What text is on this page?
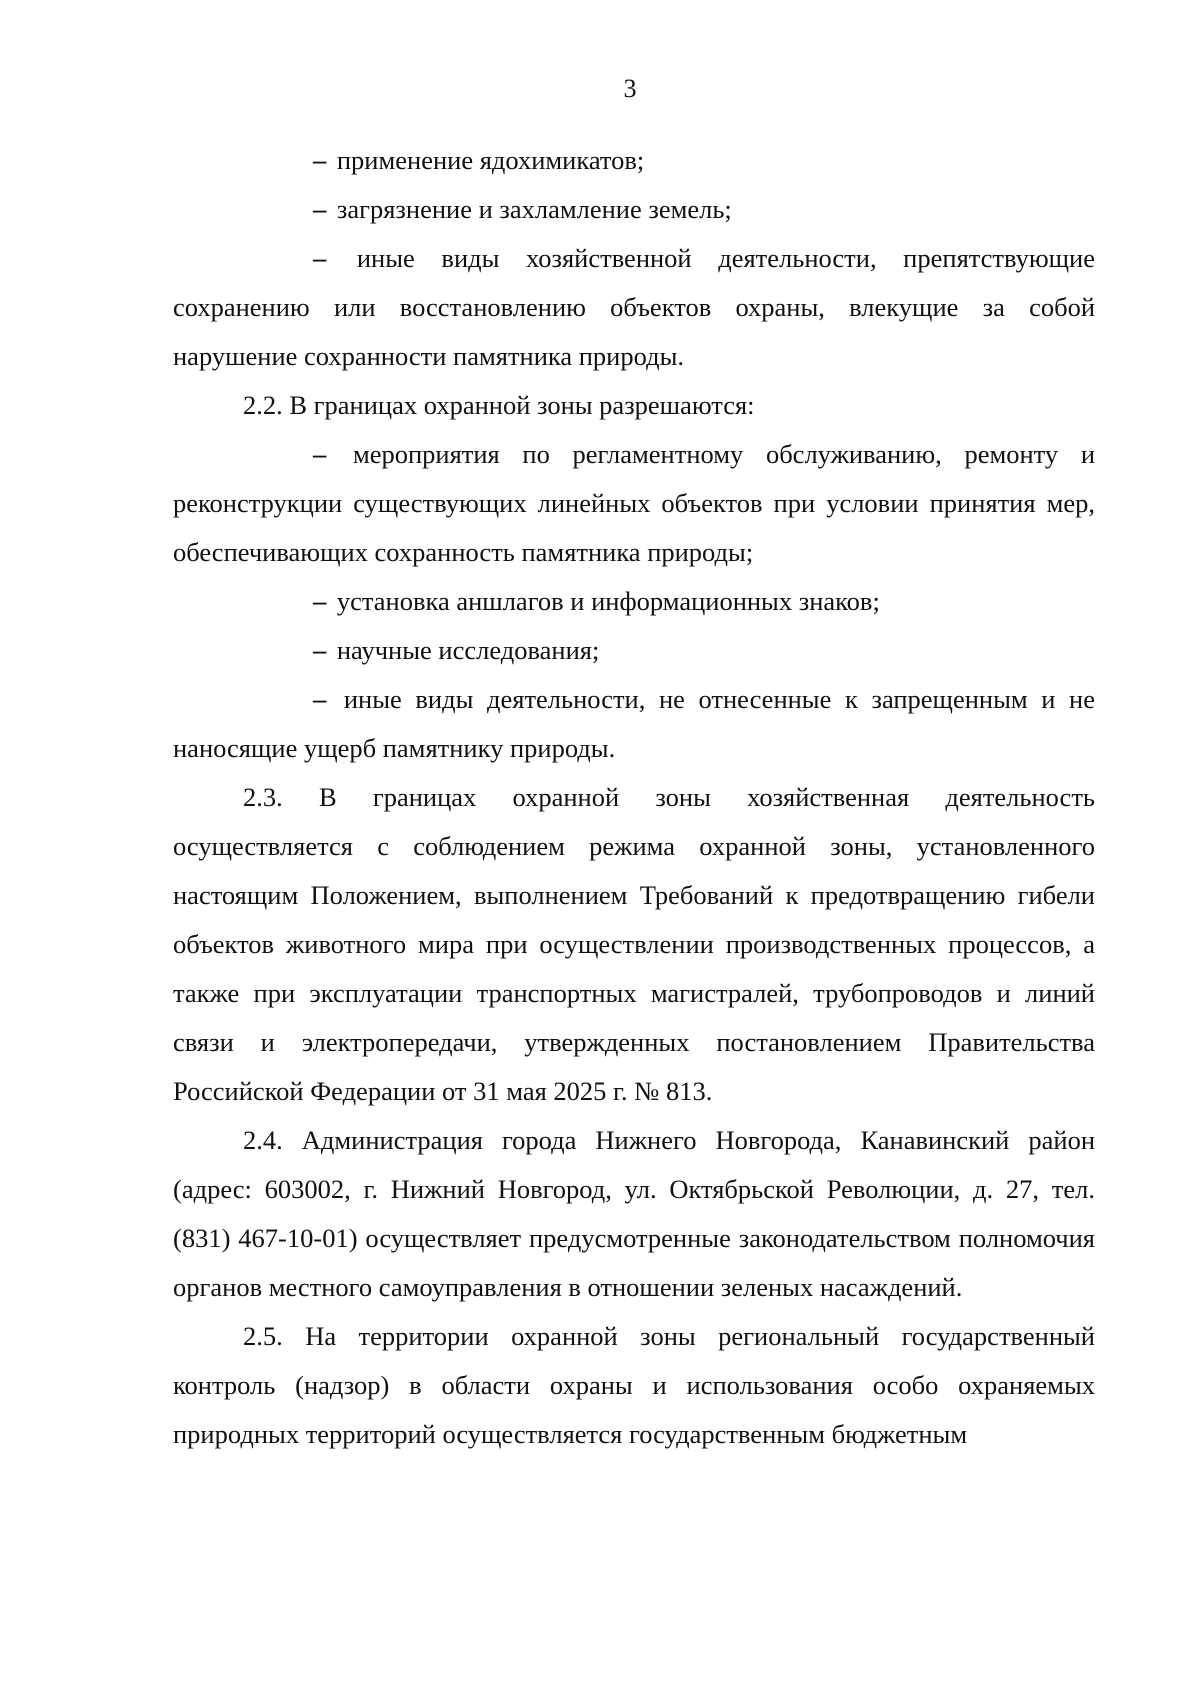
3

– применение ядохимикатов;

– загрязнение и захламление земель;

– иные виды хозяйственной деятельности, препятствующие сохранению или восстановлению объектов охраны, влекущие за собой нарушение сохранности памятника природы.

2.2. В границах охранной зоны разрешаются:

– мероприятия по регламентному обслуживанию, ремонту и реконструкции существующих линейных объектов при условии принятия мер, обеспечивающих сохранность памятника природы;

– установка аншлагов и информационных знаков;

– научные исследования;

– иные виды деятельности, не отнесенные к запрещенным и не наносящие ущерб памятнику природы.

2.3. В границах охранной зоны хозяйственная деятельность осуществляется с соблюдением режима охранной зоны, установленного настоящим Положением, выполнением Требований к предотвращению гибели объектов животного мира при осуществлении производственных процессов, а также при эксплуатации транспортных магистралей, трубопроводов и линий связи и электропередачи, утвержденных постановлением Правительства Российской Федерации от 31 мая 2025 г. № 813.

2.4. Администрация города Нижнего Новгорода, Канавинский район (адрес: 603002, г. Нижний Новгород, ул. Октябрьской Революции, д. 27, тел. (831) 467-10-01) осуществляет предусмотренные законодательством полномочия органов местного самоуправления в отношении зеленых насаждений.

2.5. На территории охранной зоны региональный государственный контроль (надзор) в области охраны и использования особо охраняемых природных территорий осуществляется государственным бюджетным
